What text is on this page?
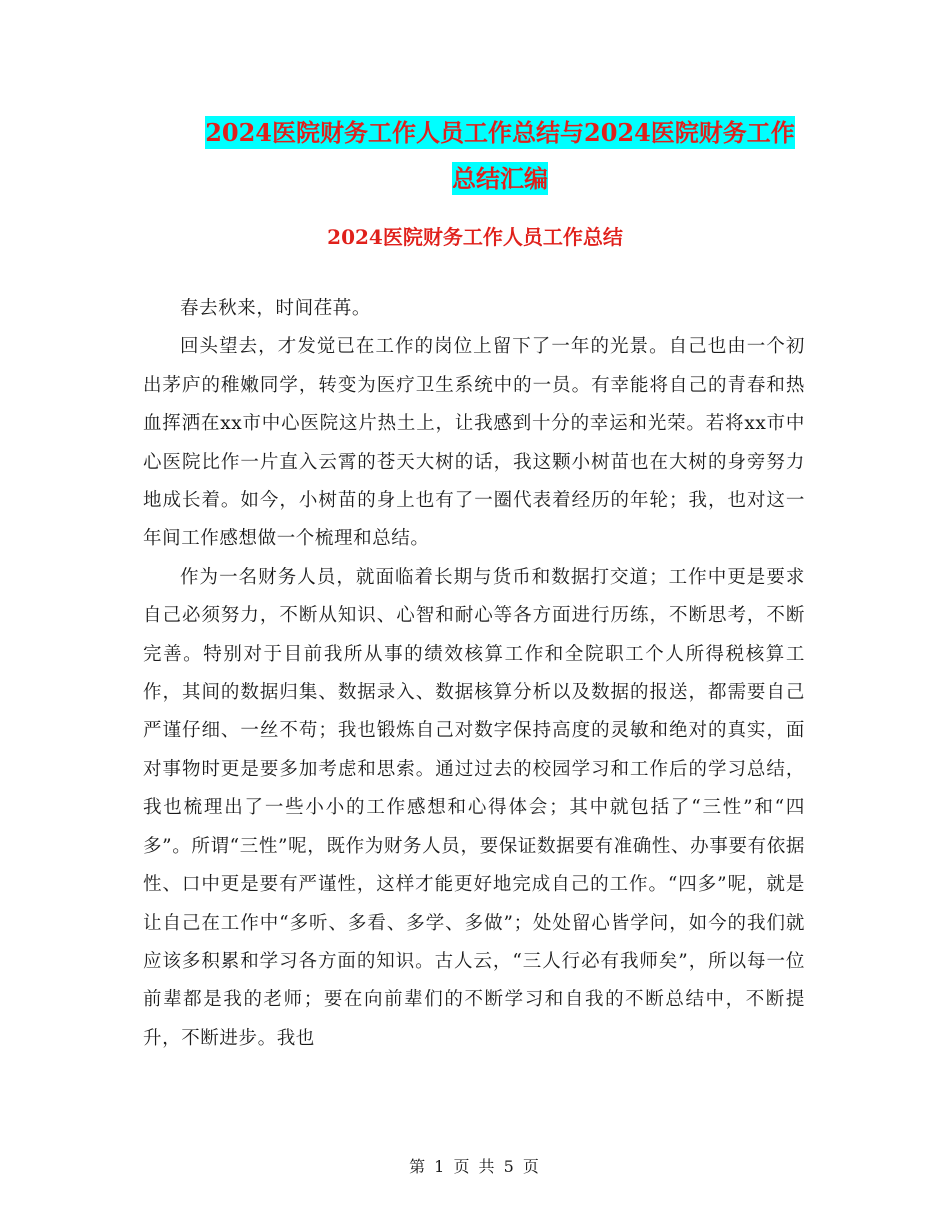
2024医院财务工作人员工作总结与2024医院财务工作
总结汇编
2024医院财务工作人员工作总结

春去秋来，时间荏苒。

回头望去，才发觉已在工作的岗位上留下了一年的光景。自己也由一个初出茅庐的稚嫩同学，转变为医疗卫生系统中的一员。有幸能将自己的青春和热血挥洒在xx市中心医院这片热土上，让我感到十分的幸运和光荣。若将xx市中心医院比作一片直入云霄的苍天大树的话，我这颗小树苗也在大树的身旁努力地成长着。如今，小树苗的身上也有了一圈代表着经历的年轮；我，也对这一年间工作感想做一个梳理和总结。

作为一名财务人员，就面临着长期与货币和数据打交道；工作中更是要求自己必须努力，不断从知识、心智和耐心等各方面进行历练，不断思考，不断完善。特别对于目前我所从事的绩效核算工作和全院职工个人所得税核算工作，其间的数据归集、数据录入、数据核算分析以及数据的报送，都需要自己严谨仔细、一丝不苟；我也锻炼自己对数字保持高度的灵敏和绝对的真实，面对事物时更是要多加考虑和思索。通过过去的校园学习和工作后的学习总结，我也梳理出了一些小小的工作感想和心得体会；其中就包括了“三性”和“四多”。所谓“三性”呢，既作为财务人员，要保证数据要有准确性、办事要有依据性、口中更是要有严谨性，这样才能更好地完成自己的工作。“四多”呢，就是让自己在工作中“多听、多看、多学、多做”；处处留心皆学问，如今的我们就应该多积累和学习各方面的知识。古人云，“三人行必有我师矣”，所以每一位前辈都是我的老师；要在向前辈们的不断学习和自我的不断总结中，不断提升，不断进步。我也

第 1 页 共 5 页
